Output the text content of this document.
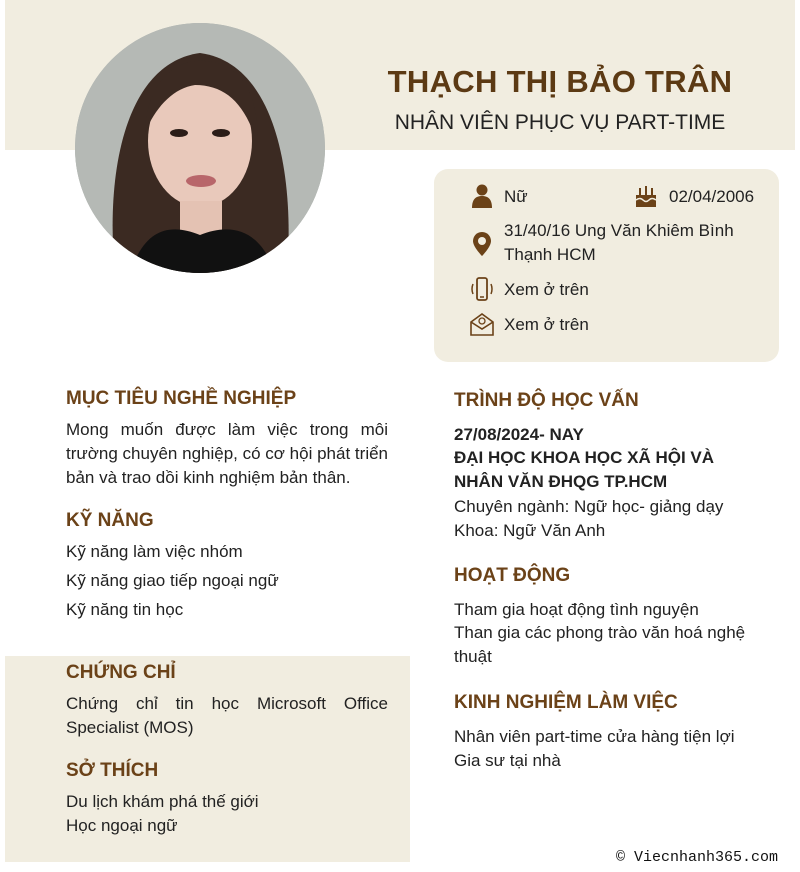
THẠCH THỊ BẢO TRÂN
NHÂN VIÊN PHỤC VỤ PART-TIME
Nữ	02/04/2006
31/40/16 Ung Văn Khiêm Bình Thạnh HCM
Xem ở trên
Xem ở trên
MỤC TIÊU NGHỀ NGHIỆP
Mong muốn được làm việc trong môi trường chuyên nghiệp, có cơ hội phát triển bản và trao dồi kinh nghiệm bản thân.
KỸ NĂNG
Kỹ năng làm việc nhóm
Kỹ năng giao tiếp ngoại ngữ
Kỹ năng tin học
CHỨNG CHỈ
Chứng chỉ tin học Microsoft Office Specialist (MOS)
SỞ THÍCH
Du lịch khám phá thế giới
Học ngoại ngữ
TRÌNH ĐỘ HỌC VẤN
27/08/2024- NAY
ĐẠI HỌC KHOA HỌC XÃ HỘI VÀ NHÂN VĂN ĐHQG TP.HCM
Chuyên ngành: Ngữ học- giảng dạy
Khoa: Ngữ Văn Anh
HOẠT ĐỘNG
Tham gia hoạt động tình nguyện
Than gia các phong trào văn hoá nghệ thuật
KINH NGHIỆM LÀM VIỆC
Nhân viên part-time cửa hàng tiện lợi
Gia sư tại nhà
© Viecnhanh365.com
